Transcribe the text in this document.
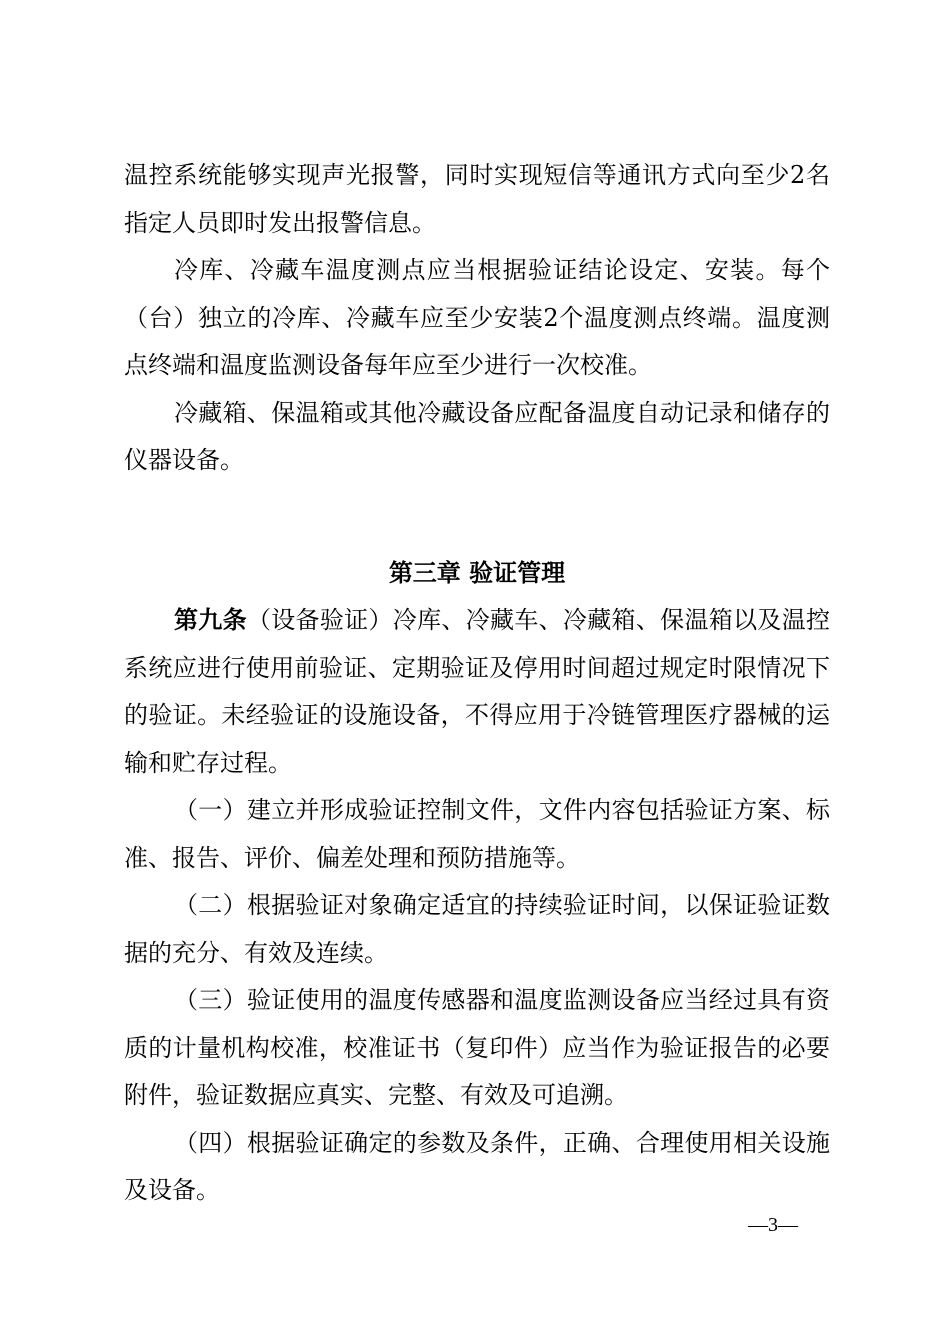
温控系统能够实现声光报警，同时实现短信等通讯方式向至少2名指定人员即时发出报警信息。

冷库、冷藏车温度测点应当根据验证结论设定、安装。每个（台）独立的冷库、冷藏车应至少安装2个温度测点终端。温度测点终端和温度监测设备每年应至少进行一次校准。

冷藏箱、保温箱或其他冷藏设备应配备温度自动记录和储存的仪器设备。

第三章 验证管理

第九条（设备验证）冷库、冷藏车、冷藏箱、保温箱以及温控系统应进行使用前验证、定期验证及停用时间超过规定时限情况下的验证。未经验证的设施设备，不得应用于冷链管理医疗器械的运输和贮存过程。

（一）建立并形成验证控制文件，文件内容包括验证方案、标准、报告、评价、偏差处理和预防措施等。

（二）根据验证对象确定适宜的持续验证时间，以保证验证数据的充分、有效及连续。

（三）验证使用的温度传感器和温度监测设备应当经过具有资质的计量机构校准，校准证书（复印件）应当作为验证报告的必要附件，验证数据应真实、完整、有效及可追溯。

（四）根据验证确定的参数及条件，正确、合理使用相关设施及设备。

—3—
